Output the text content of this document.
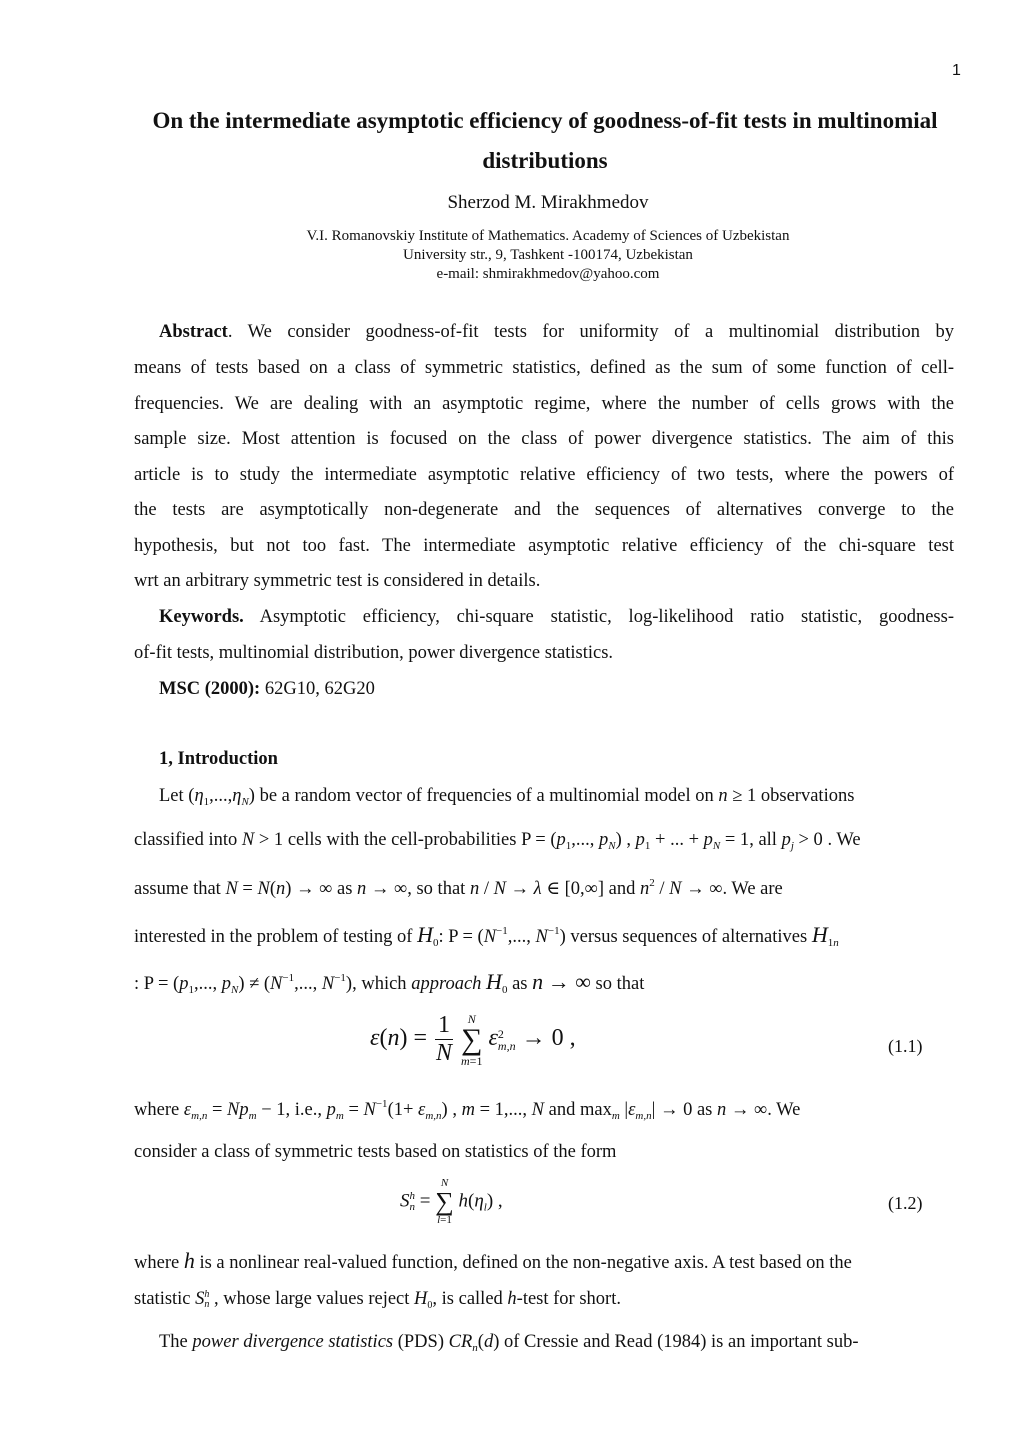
1
On the intermediate asymptotic efficiency of goodness-of-fit tests in multinomial
distributions
Sherzod M. Mirakhmedov
V.I. Romanovskiy Institute of Mathematics. Academy of Sciences of Uzbekistan
University str., 9, Tashkent -100174, Uzbekistan
e-mail: shmirakhmedov@yahoo.com
Abstract. We consider goodness-of-fit tests for uniformity of a multinomial distribution by
means of tests based on a class of symmetric statistics, defined as the sum of some function of cell-
frequencies. We are dealing with an asymptotic regime, where the number of cells grows with the
sample size. Most attention is focused on the class of power divergence statistics. The aim of this
article is to study the intermediate asymptotic relative efficiency of two tests, where the powers of
the tests are asymptotically non-degenerate and the sequences of alternatives converge to the
hypothesis, but not too fast. The intermediate asymptotic relative efficiency of the chi-square test
wrt an arbitrary symmetric test is considered in details.
Keywords. Asymptotic efficiency, chi-square statistic, log-likelihood ratio statistic, goodness-
of-fit tests, multinomial distribution, power divergence statistics.
MSC (2000): 62G10, 62G20
1, Introduction
Let $(\eta_1,...,\eta_N)$ be a random vector of frequencies of a multinomial model on n ≥ 1 observations
classified into N > 1 cells with the cell-probabilities $P = (p_1$,..., $p_N$) , $p_1$ + ... + $p_N = 1$, all $p_j > 0$ . We
assume that N = N(n) → ∞ as n → ∞, so that n / N → λ ∈ [0,∞] and $n^2$ / N → ∞. We are
interested in the problem of testing of $H_0$: $P = (N^{-1}$,..., $N^{-1}$) versus sequences of alternatives $H_{1n}$
: $P = (p_1$,..., $p_N) \ne (N^{-1}$,..., $N^{-1}$), which approach $H_0$ as n → ∞ so that
$\varepsilon(n) = \frac{1}{N}$
	N
∑
m=1
ε 2
m,n → 0 ,	(1.1)
where $\varepsilon_{m,n} = Np_m - 1$, i.e., $p_m = N^{-1}(1+ \varepsilon_{m,n})$ , m = 1,..., N and $\max_m |\varepsilon_{m,n}| \to 0$ as n → ∞. We
consider a class of symmetric tests based on statistics of the form
S h
n =
N
∑
l=1
$h(\eta_l)$ ,	(1.2)
where h is a nonlinear real-valued function, defined on the non-negative axis. A test based on the
statistic S h
n , whose large values reject $H_0$, is called h-test for short.
The power divergence statistics (PDS) $CR_n(d)$ of Cressie and Read (1984) is an important sub-
